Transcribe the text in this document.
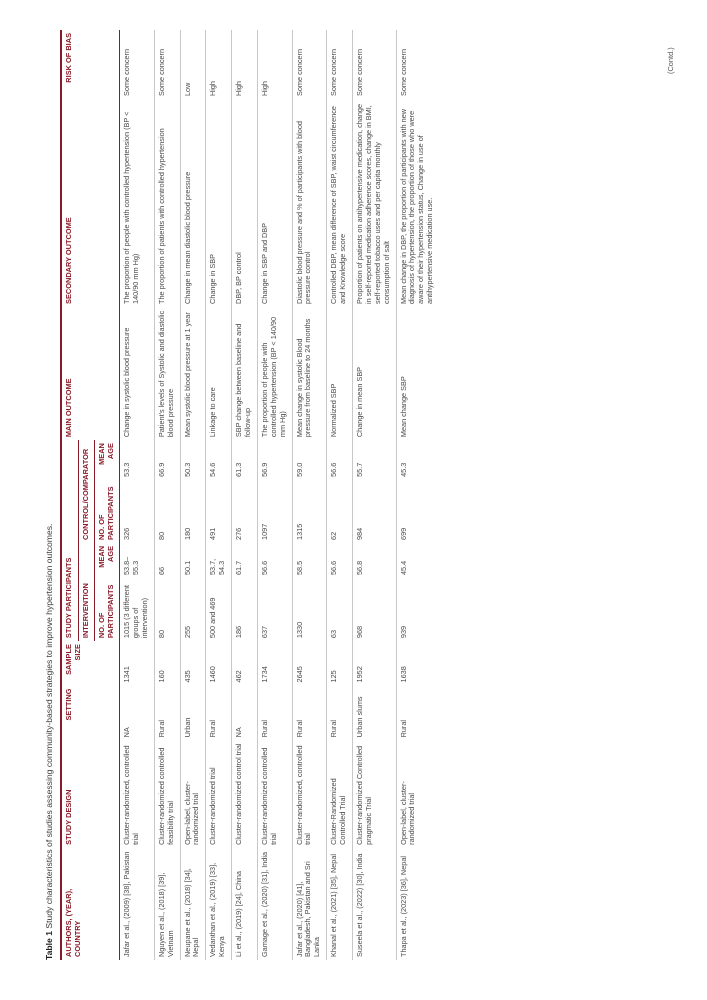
Table 1 Study characteristics of studies assessing community-based strategies to improve hypertension outcomes. AUTHORS, (YEAR), COUNTRY	STUDY DESIGN	SETTING	SAMPLE SIZE	STUDY PARTICIPANTS				MAIN OUTCOME	SECONDARY OUTCOME	RISK OF BIAS
				INTERVENTION		CONTROL/COMPARATOR				
				NO. OF PARTICIPANTS	MEAN AGE	NO. OF PARTICIPANTS	MEAN AGE			
Jafar et al., (2009) [38], Pakistan	Cluster-randomized, controlled trial	NA	1341	1015 (3 different groups of intervention)	53.8–55.3	326	53.3	Change in systolic blood pressure	The proportion of people with controlled hypertension (BP < 140/90 mm Hg)	Some concern
Nguyen et al., (2018) [39], Vietnam	Cluster-randomized controlled feasibility trial	Rural	160	80	66	80	66.9	Patient's levels of Systolic and diastolic blood pressure	The proportion of patients with controlled hypertension	Some concern
Neupane et al., (2018) [34], Nepal	Open-label, cluster-randomized trial	Urban	435	255	50.1	180	50.3	Mean systolic blood pressure at 1 year	Change in mean diastolic blood pressure	Low
Vedanthan et al., (2019) [33], Kenya	Cluster-randomized trial	Rural	1460	500 and 469	53.7, 54.3	491	54.6	Linkage to care	Change in SBP	High
Li et al., (2019) [24], China	Cluster-randomized control trial	NA	462	186	61.7	276	61.3	SBP change between baseline and follow-up	DBP, BP control	High
Gamage et al., (2020) [31], India	Cluster-randomized controlled trial	Rural	1734	637	56.6	1097	56.9	The proportion of people with controlled hypertension (BP < 140/90 mm Hg)	Change in SBP and DBP	High
Jafar et al., (2020) [41], Bangladesh, Pakistan and Sri Lanka	Cluster-randomized, controlled trial	Rural	2645	1330	58.5	1315	59.0	Mean change in systolic Blood pressure from baseline to 24 months	Diastolic blood pressure and % of participants with blood pressure control	Some concern
Khanal et al., (2021) [35], Nepal	Cluster-Randomized Controlled Trial	Rural	125	63	56.6	62	56.6	Normalized SBP	Controlled DBP, mean difference of SBP, waist circumference and Knowledge score	Some concern
Suseela et al., (2022) [30], India	Cluster-randomized Controlled pragmatic Trial	Urban slums	1952	968	56.8	984	55.7	Change in mean SBP	Proportion of patients on antihypertensive medication, change in self-reported medication adherence scores, change in BMI, self-reported tobacco uses and per capita monthly consumption of salt	Some concern
Thapa et al., (2023) [36], Nepal	Open-label, cluster-randomized trial	Rural	1638	939	45.4	699	45.3	Mean change SBP	Mean change in DBP, the proportion of participants with new diagnosis of hypertension, the proportion of those who were aware of their hypertension status, Change in use of antihypertensive medication use.	Some concern	(Contd.)
